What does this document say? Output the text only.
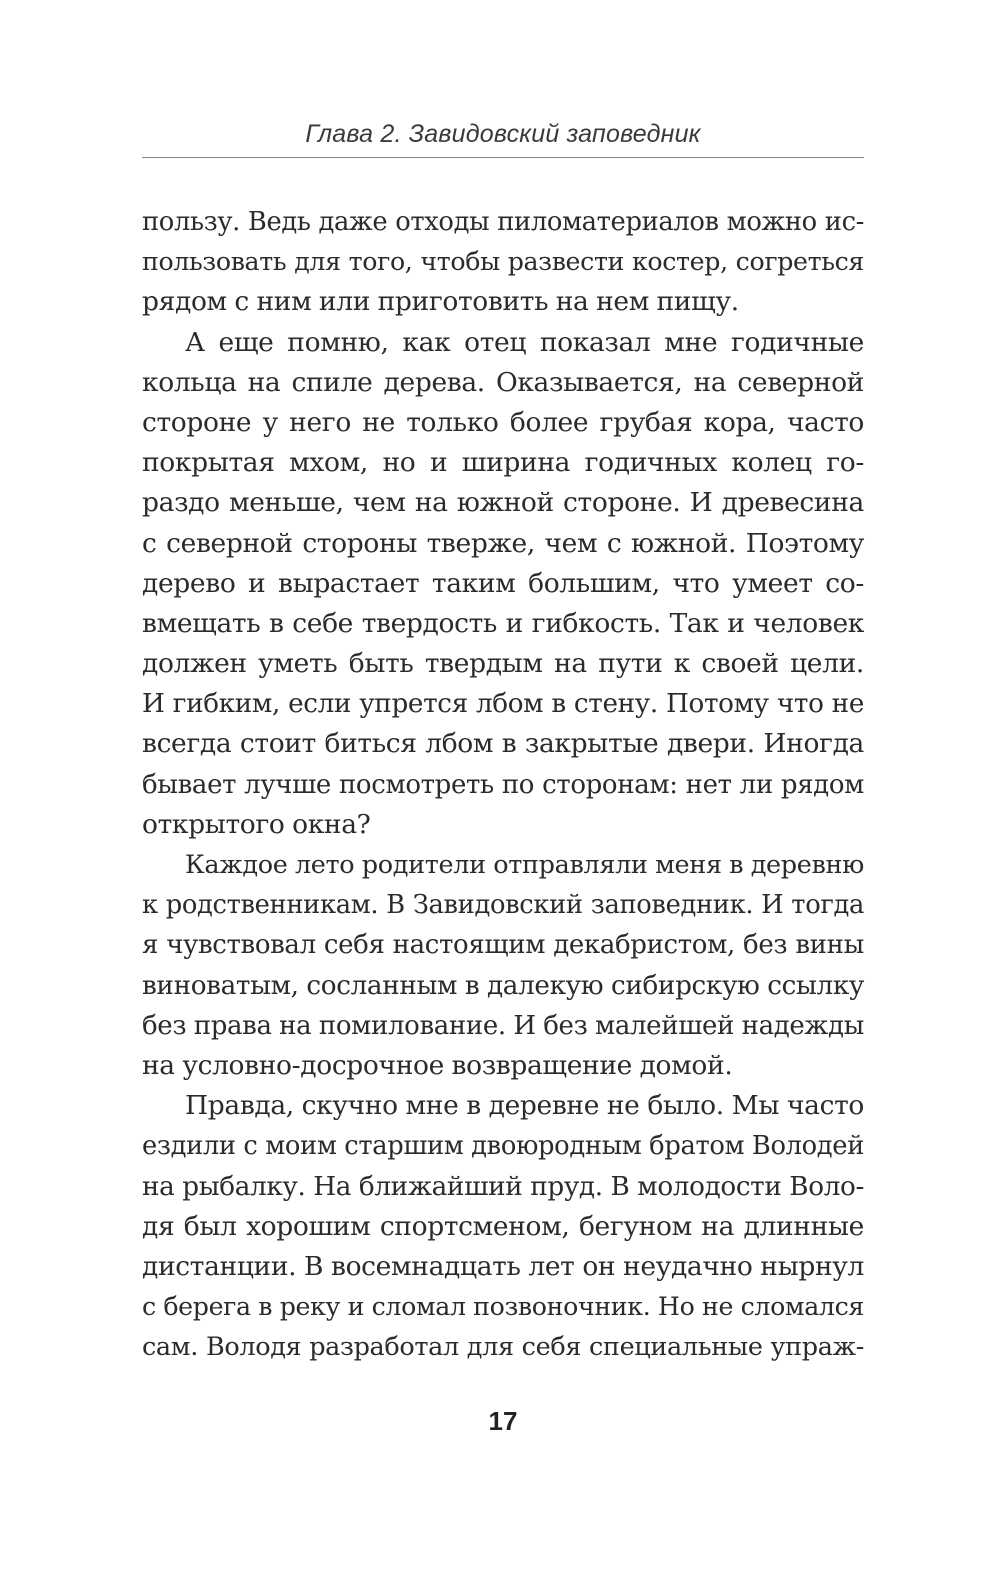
Глава 2. Завидовский заповедник
пользу. Ведь даже отходы пиломатериалов можно ис-
пользовать для того, чтобы развести костер, согреться
рядом с ним или приготовить на нем пищу.
А еще помню, как отец показал мне годичные
кольца на спиле дерева. Оказывается, на северной
стороне у него не только более грубая кора, часто
покрытая мхом, но и ширина годичных колец го-
раздо меньше, чем на южной стороне. И древесина
с северной стороны тверже, чем с южной. Поэтому
дерево и вырастает таким большим, что умеет со-
вмещать в себе твердость и гибкость. Так и человек
должен уметь быть твердым на пути к своей цели.
И гибким, если упрется лбом в стену. Потому что не
всегда стоит биться лбом в закрытые двери. Иногда
бывает лучше посмотреть по сторонам: нет ли рядом
открытого окна?
Каждое лето родители отправляли меня в деревню
к родственникам. В Завидовский заповедник. И тогда
я чувствовал себя настоящим декабристом, без вины
виноватым, сосланным в далекую сибирскую ссылку
без права на помилование. И без малейшей надежды
на условно-досрочное возвращение домой.
Правда, скучно мне в деревне не было. Мы часто
ездили с моим старшим двоюродным братом Володей
на рыбалку. На ближайший пруд. В молодости Воло-
дя был хорошим спортсменом, бегуном на длинные
дистанции. В восемнадцать лет он неудачно нырнул
с берега в реку и сломал позвоночник. Но не сломался
сам. Володя разработал для себя специальные упраж-
17
